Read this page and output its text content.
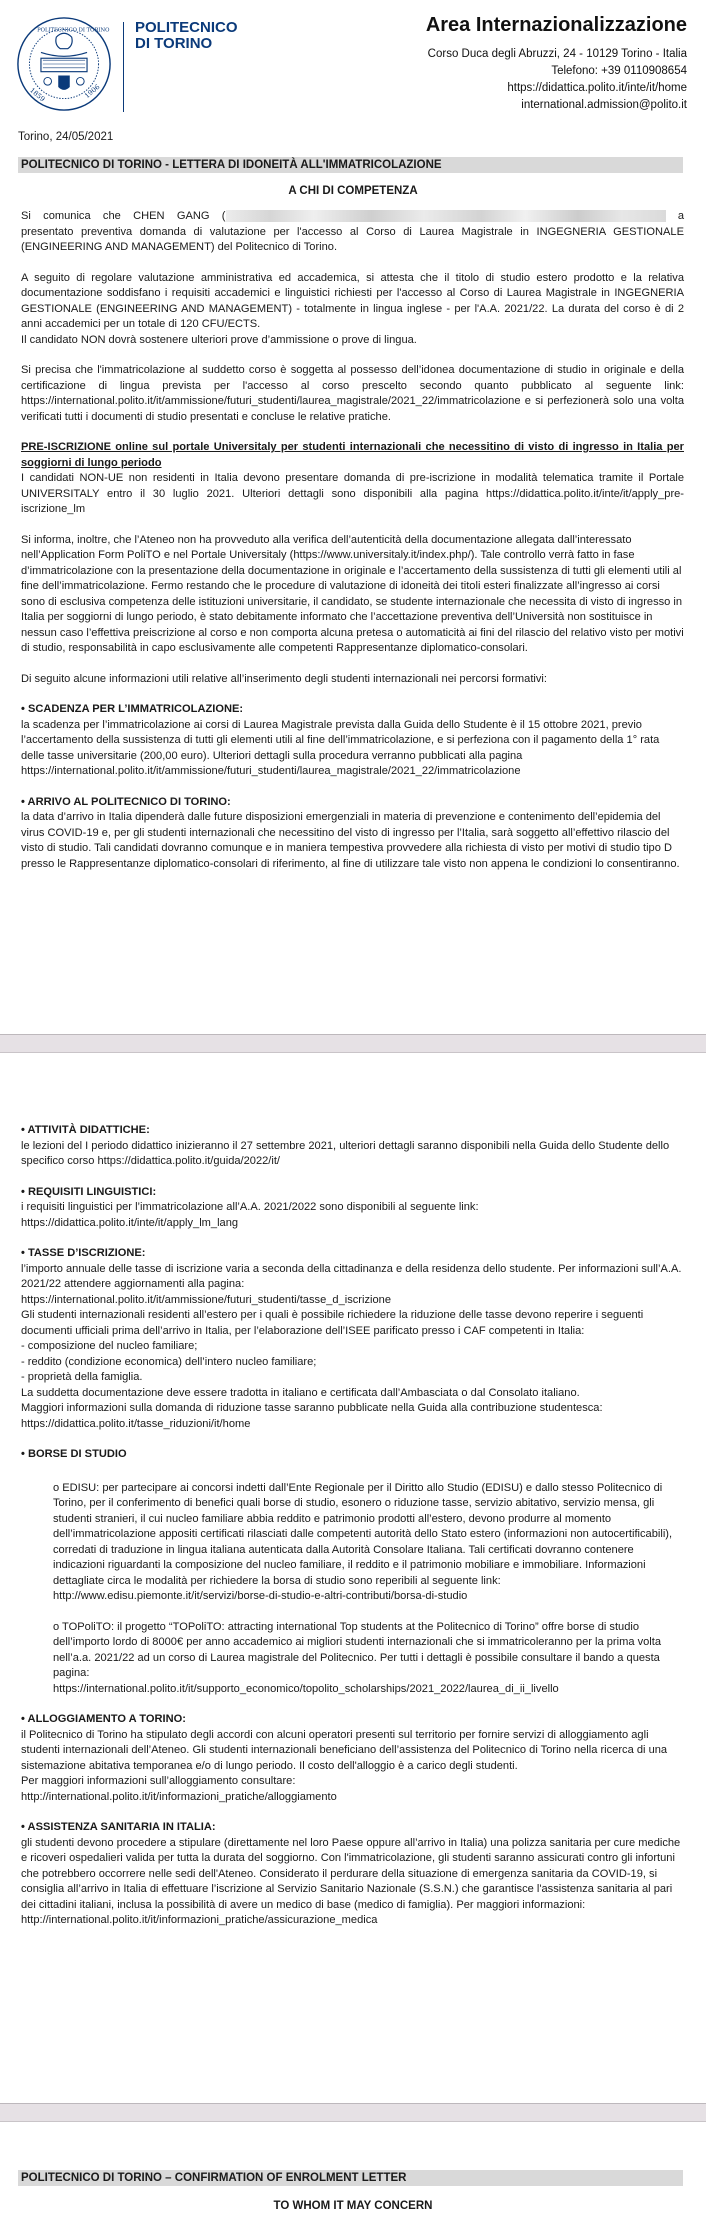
1859	1906
POLITECNICO DI TORINO POLITECNICO
DI TORINO
Area Internazionalizzazione
Corso Duca degli Abruzzi, 24 - 10129 Torino - Italia
Telefono: +39 0110908654
https://didattica.polito.it/inte/it/home
international.admission@polito.it
Torino, 24/05/2021
POLITECNICO DI TORINO - LETTERA DI IDONEITÀ ALL'IMMATRICOLAZIONE
A CHI DI COMPETENZA

Si comunica che CHEN GANG (	a presentato preventiva domanda di valutazione per l'accesso al Corso di Laurea Magistrale in INGEGNERIA GESTIONALE (ENGINEERING AND MANAGEMENT) del Politecnico di Torino.

A seguito di regolare valutazione amministrativa ed accademica, si attesta che il titolo di studio estero prodotto e la relativa documentazione soddisfano i requisiti accademici e linguistici richiesti per l'accesso al Corso di Laurea Magistrale in INGEGNERIA GESTIONALE (ENGINEERING AND MANAGEMENT) - totalmente in lingua inglese - per l'A.A. 2021/22. La durata del corso è di 2 anni accademici per un totale di 120 CFU/ECTS.

Il candidato NON dovrà sostenere ulteriori prove d’ammissione o prove di lingua.

Si precisa che l'immatricolazione al suddetto corso è soggetta al possesso dell’idonea documentazione di studio in originale e della certificazione di lingua prevista per l'accesso al corso prescelto secondo quanto pubblicato al seguente link: https://international.polito.it/it/ammissione/futuri_studenti/laurea_magistrale/2021_22/immatricolazione e si perfezionerà solo una volta verificati tutti i documenti di studio presentati e concluse le relative pratiche.

PRE-ISCRIZIONE online sul portale Universitaly per studenti internazionali che necessitino di visto di ingresso in Italia per soggiorni di lungo periodo
I candidati NON-UE non residenti in Italia devono presentare domanda di pre-iscrizione in modalità telematica tramite il Portale UNIVERSITALY entro il 30 luglio 2021. Ulteriori dettagli sono disponibili alla pagina https://didattica.polito.it/inte/it/apply_pre-iscrizione_lm

Si informa, inoltre, che l’Ateneo non ha provveduto alla verifica dell’autenticità della documentazione allegata dall’interessato nell’Application Form PoliTO e nel Portale Universitaly (https://www.universitaly.it/index.php/). Tale controllo verrà fatto in fase d’immatricolazione con la presentazione della documentazione in originale e l’accertamento della sussistenza di tutti gli elementi utili al fine dell’immatricolazione. Fermo restando che le procedure di valutazione di idoneità dei titoli esteri finalizzate all’ingresso ai corsi sono di esclusiva competenza delle istituzioni universitarie, il candidato, se studente internazionale che necessita di visto di ingresso in Italia per soggiorni di lungo periodo, è stato debitamente informato che l’accettazione preventiva dell’Università non sostituisce in nessun caso l’effettiva preiscrizione al corso e non comporta alcuna pretesa o automaticità ai fini del rilascio del relativo visto per motivi di studio, responsabilità in capo esclusivamente alle competenti Rappresentanze diplomatico-consolari.

Di seguito alcune informazioni utili relative all’inserimento degli studenti internazionali nei percorsi formativi:

• SCADENZA PER L’IMMATRICOLAZIONE:
la scadenza per l’immatricolazione ai corsi di Laurea Magistrale prevista dalla Guida dello Studente è il 15 ottobre 2021, previo l’accertamento della sussistenza di tutti gli elementi utili al fine dell’immatricolazione, e si perfeziona con il pagamento della 1° rata delle tasse universitarie (200,00 euro). Ulteriori dettagli sulla procedura verranno pubblicati alla pagina https://international.polito.it/it/ammissione/futuri_studenti/laurea_magistrale/2021_22/immatricolazione

• ARRIVO AL POLITECNICO DI TORINO:
la data d’arrivo in Italia dipenderà dalle future disposizioni emergenziali in materia di prevenzione e contenimento dell’epidemia del virus COVID-19 e, per gli studenti internazionali che necessitino del visto di ingresso per l’Italia, sarà soggetto all’effettivo rilascio del visto di studio. Tali candidati dovranno comunque e in maniera tempestiva provvedere alla richiesta di visto per motivi di studio tipo D presso le Rappresentanze diplomatico-consolari di riferimento, al fine di utilizzare tale visto non appena le condizioni lo consentiranno.

• ATTIVITÀ DIDATTICHE:
le lezioni del I periodo didattico inizieranno il 27 settembre 2021, ulteriori dettagli saranno disponibili nella Guida dello Studente dello specifico corso https://didattica.polito.it/guida/2022/it/

• REQUISITI LINGUISTICI:
i requisiti linguistici per l’immatricolazione all’A.A. 2021/2022 sono disponibili al seguente link:
https://didattica.polito.it/inte/it/apply_lm_lang

• TASSE D’ISCRIZIONE:
l’importo annuale delle tasse di iscrizione varia a seconda della cittadinanza e della residenza dello studente. Per informazioni sull’A.A. 2021/22 attendere aggiornamenti alla pagina:
https://international.polito.it/it/ammissione/futuri_studenti/tasse_d_iscrizione
Gli studenti internazionali residenti all’estero per i quali è possibile richiedere la riduzione delle tasse devono reperire i seguenti documenti ufficiali prima dell’arrivo in Italia, per l’elaborazione dell’ISEE parificato presso i CAF competenti in Italia:
- composizione del nucleo familiare;
- reddito (condizione economica) dell’intero nucleo familiare;
- proprietà della famiglia.
La suddetta documentazione deve essere tradotta in italiano e certificata dall’Ambasciata o dal Consolato italiano.
Maggiori informazioni sulla domanda di riduzione tasse saranno pubblicate nella Guida alla contribuzione studentesca:
https://didattica.polito.it/tasse_riduzioni/it/home

• BORSE DI STUDIO

o EDISU: per partecipare ai concorsi indetti dall’Ente Regionale per il Diritto allo Studio (EDISU) e dallo stesso Politecnico di Torino, per il conferimento di benefici quali borse di studio, esonero o riduzione tasse, servizio abitativo, servizio mensa, gli studenti stranieri, il cui nucleo familiare abbia reddito e patrimonio prodotti all’estero, devono produrre al momento dell’immatricolazione appositi certificati rilasciati dalle competenti autorità dello Stato estero (informazioni non autocertificabili), corredati di traduzione in lingua italiana autenticata dalla Autorità Consolare Italiana. Tali certificati dovranno contenere indicazioni riguardanti la composizione del nucleo familiare, il reddito e il patrimonio mobiliare e immobiliare. Informazioni dettagliate circa le modalità per richiedere la borsa di studio sono reperibili al seguente link:
http://www.edisu.piemonte.it/it/servizi/borse-di-studio-e-altri-contributi/borsa-di-studio

o TOPoliTO: il progetto “TOPoliTO: attracting international Top students at the Politecnico di Torino” offre borse di studio dell’importo lordo di 8000€ per anno accademico ai migliori studenti internazionali che si immatricoleranno per la prima volta nell’a.a. 2021/22 ad un corso di Laurea magistrale del Politecnico. Per tutti i dettagli è possibile consultare il bando a questa pagina:
https://international.polito.it/it/supporto_economico/topolito_scholarships/2021_2022/laurea_di_ii_livello

• ALLOGGIAMENTO A TORINO:
il Politecnico di Torino ha stipulato degli accordi con alcuni operatori presenti sul territorio per fornire servizi di alloggiamento agli studenti internazionali dell’Ateneo. Gli studenti internazionali beneficiano dell’assistenza del Politecnico di Torino nella ricerca di una sistemazione abitativa temporanea e/o di lungo periodo. Il costo dell'alloggio è a carico degli studenti.
Per maggiori informazioni sull’alloggiamento consultare:
http://international.polito.it/it/informazioni_pratiche/alloggiamento

• ASSISTENZA SANITARIA IN ITALIA:
gli studenti devono procedere a stipulare (direttamente nel loro Paese oppure all’arrivo in Italia) una polizza sanitaria per cure mediche e ricoveri ospedalieri valida per tutta la durata del soggiorno. Con l'immatricolazione, gli studenti saranno assicurati contro gli infortuni che potrebbero occorrere nelle sedi dell'Ateneo. Considerato il perdurare della situazione di emergenza sanitaria da COVID-19, si consiglia all’arrivo in Italia di effettuare l’iscrizione al Servizio Sanitario Nazionale (S.S.N.) che garantisce l'assistenza sanitaria al pari dei cittadini italiani, inclusa la possibilità di avere un medico di base (medico di famiglia). Per maggiori informazioni:
http://international.polito.it/it/informazioni_pratiche/assicurazione_medica

POLITECNICO DI TORINO – CONFIRMATION OF ENROLMENT LETTER
TO WHOM IT MAY CONCERN
